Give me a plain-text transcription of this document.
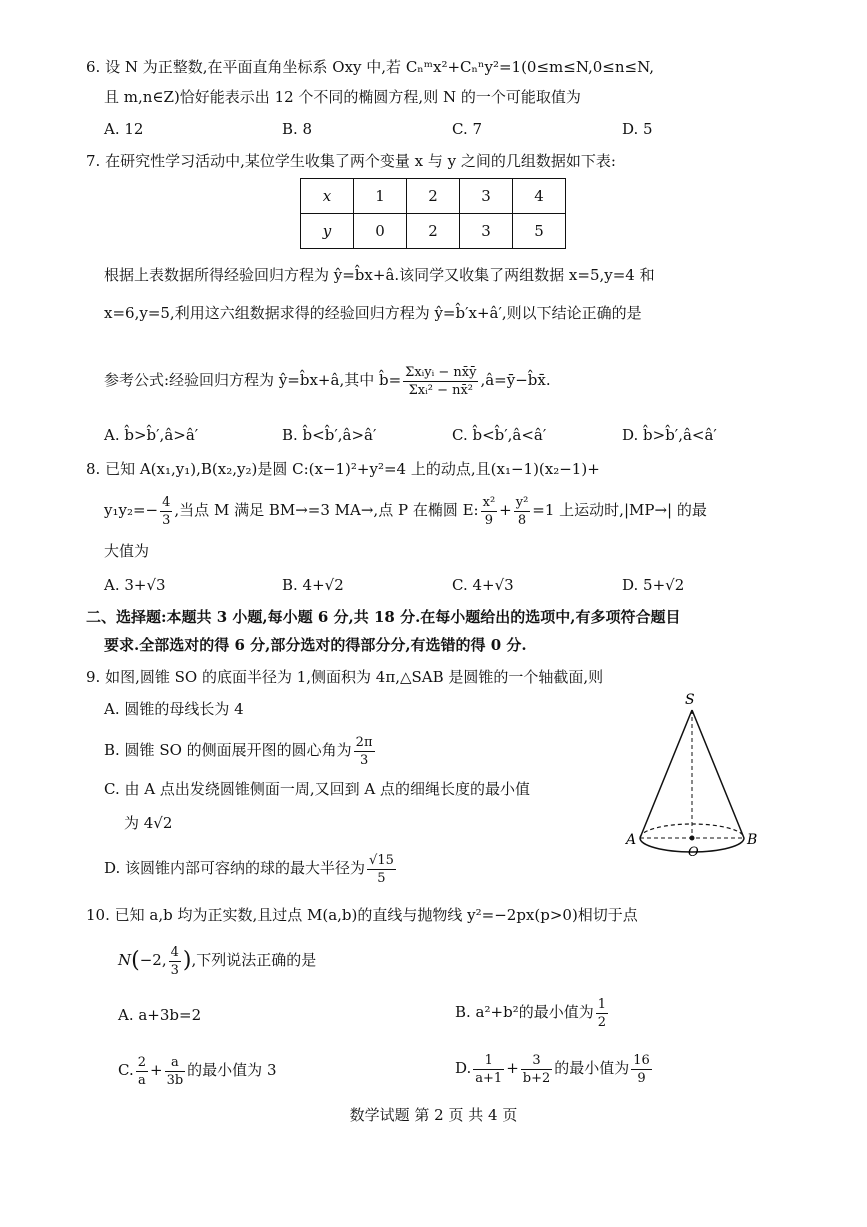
6. 设 N 为正整数,在平面直角坐标系 Oxy 中,若 Cₙᵐx²+Cₙⁿy²=1(0≤m≤N,0≤n≤N,
且 m,n∈Z)恰好能表示出 12 个不同的椭圆方程,则 N 的一个可能取值为
A. 12	B. 8	C. 7	D. 5
7. 在研究性学习活动中,某位学生收集了两个变量 x 与 y 之间的几组数据如下表:
x	1	2	3	4
y	0	2	3	5
根据上表数据所得经验回归方程为 ŷ=b̂x+â.该同学又收集了两组数据 x=5,y=4 和
x=6,y=5,利用这六组数据求得的经验回归方程为 ŷ=b̂′x+â′,则以下结论正确的是
参考公式:经验回归方程为 ŷ=b̂x+â,其中 b̂= $\frac{\text{Σxᵢyᵢ − nx̄ȳ}}{\text{Σxᵢ² − nx̄²}}$ ,â=ȳ−b̂x̄.
A. b̂>b̂′,â>â′	B. b̂<b̂′,â>â′	C. b̂<b̂′,â<â′	D. b̂>b̂′,â<â′
8. 已知 A(x₁,y₁),B(x₂,y₂)是圆 C:(x−1)²+y²=4 上的动点,且(x₁−1)(x₂−1)+
$y_1y_2=- \frac{4}{3}$ ,当点 M 满足 BM→=3 MA→,点 P 在椭圆 E: $\frac{\text{x²}}{9} + \frac{\text{y²}}{8} =1$ 上运动时,|MP→| 的最
大值为
A. 3+√3	B. 4+√2	C. 4+√3	D. 5+√2
二、选择题:本题共 3 小题,每小题 6 分,共 18 分.在每小题给出的选项中,有多项符合题目
要求.全部选对的得 6 分,部分选对的得部分分,有选错的得 0 分.
9. 如图,圆锥 SO 的底面半径为 1,侧面积为 4π,△SAB 是圆锥的一个轴截面,则
A. 圆锥的母线长为 4
B. 圆锥 SO 的侧面展开图的圆心角为 $\frac{2\pi}{3}$
C. 由 A 点出发绕圆锥侧面一周,又回到 A 点的细绳长度的最小值
为 4√2
D. 该圆锥内部可容纳的球的最大半径为 $\frac{√15}{5}$
S
A	B
O
10. 已知 a,b 均为正实数,且过点 M(a,b)的直线与抛物线 y²=−2px(p>0)相切于点
N(−2, $\frac{4}{3}$ ),下列说法正确的是
A. a+3b=2	B. a²+b²的最小值为 $\frac{1}{2}$
C. $\frac{2}{a} + \frac{a}{3b}$ 的最小值为 3	D. $\frac{1}{a+1} + \frac{3}{b+2}$ 的最小值为 $\frac{16}{9}$
数学试题 第 2 页 共 4 页
